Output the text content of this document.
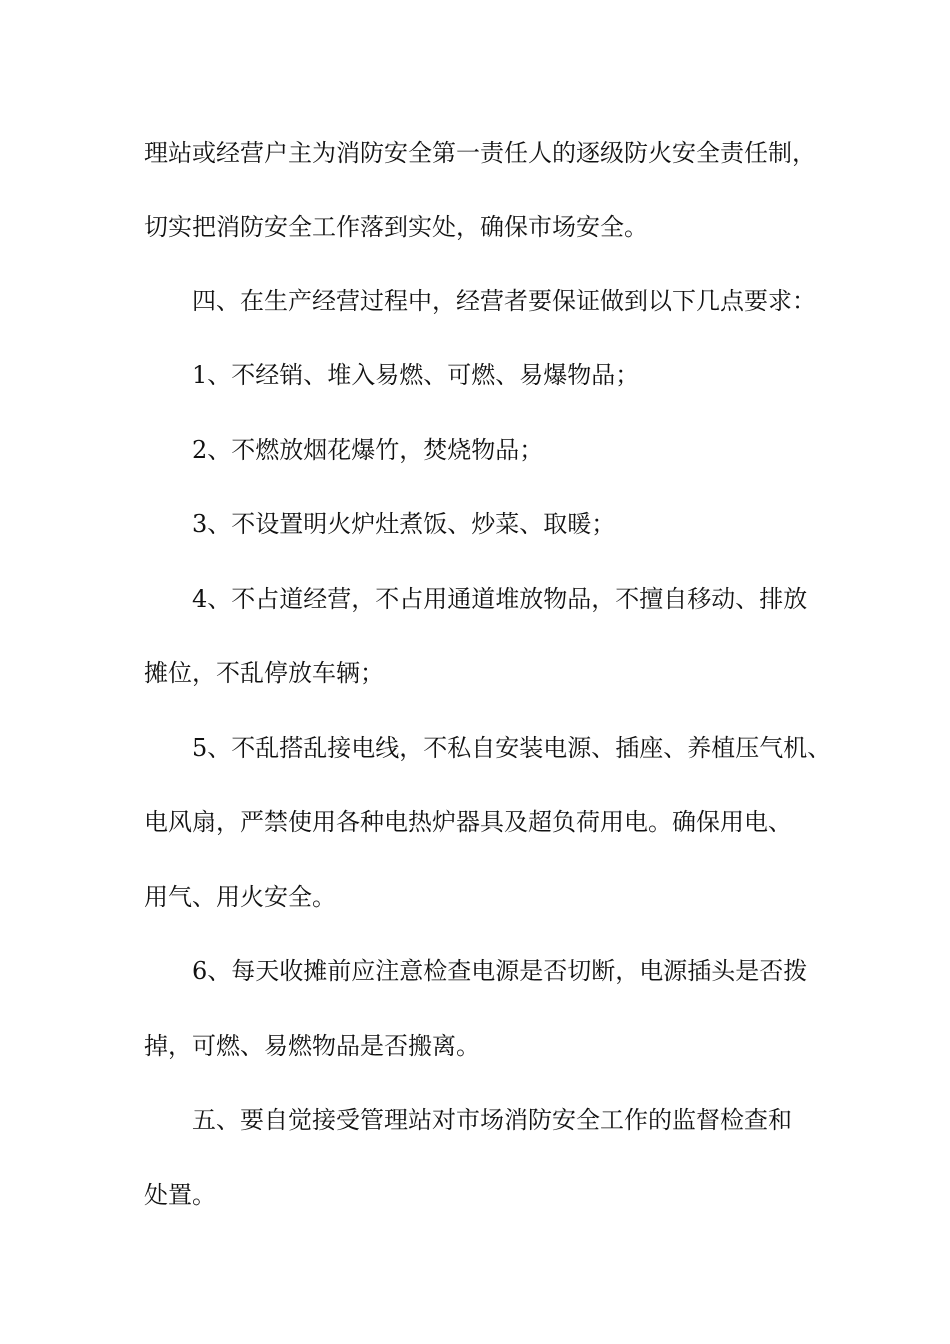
理站或经营户主为消防安全第一责任人的逐级防火安全责任制，

切实把消防安全工作落到实处，确保市场安全。

四、在生产经营过程中，经营者要保证做到以下几点要求：

1、不经销、堆入易燃、可燃、易爆物品；

2、不燃放烟花爆竹，焚烧物品；

3、不设置明火炉灶煮饭、炒菜、取暖；

4、不占道经营，不占用通道堆放物品，不擅自移动、排放

摊位，不乱停放车辆；

5、不乱搭乱接电线，不私自安装电源、插座、养植压气机、

电风扇，严禁使用各种电热炉器具及超负荷用电。确保用电、

用气、用火安全。

6、每天收摊前应注意检查电源是否切断，电源插头是否拨

掉，可燃、易燃物品是否搬离。

五、要自觉接受管理站对市场消防安全工作的监督检查和

处置。
